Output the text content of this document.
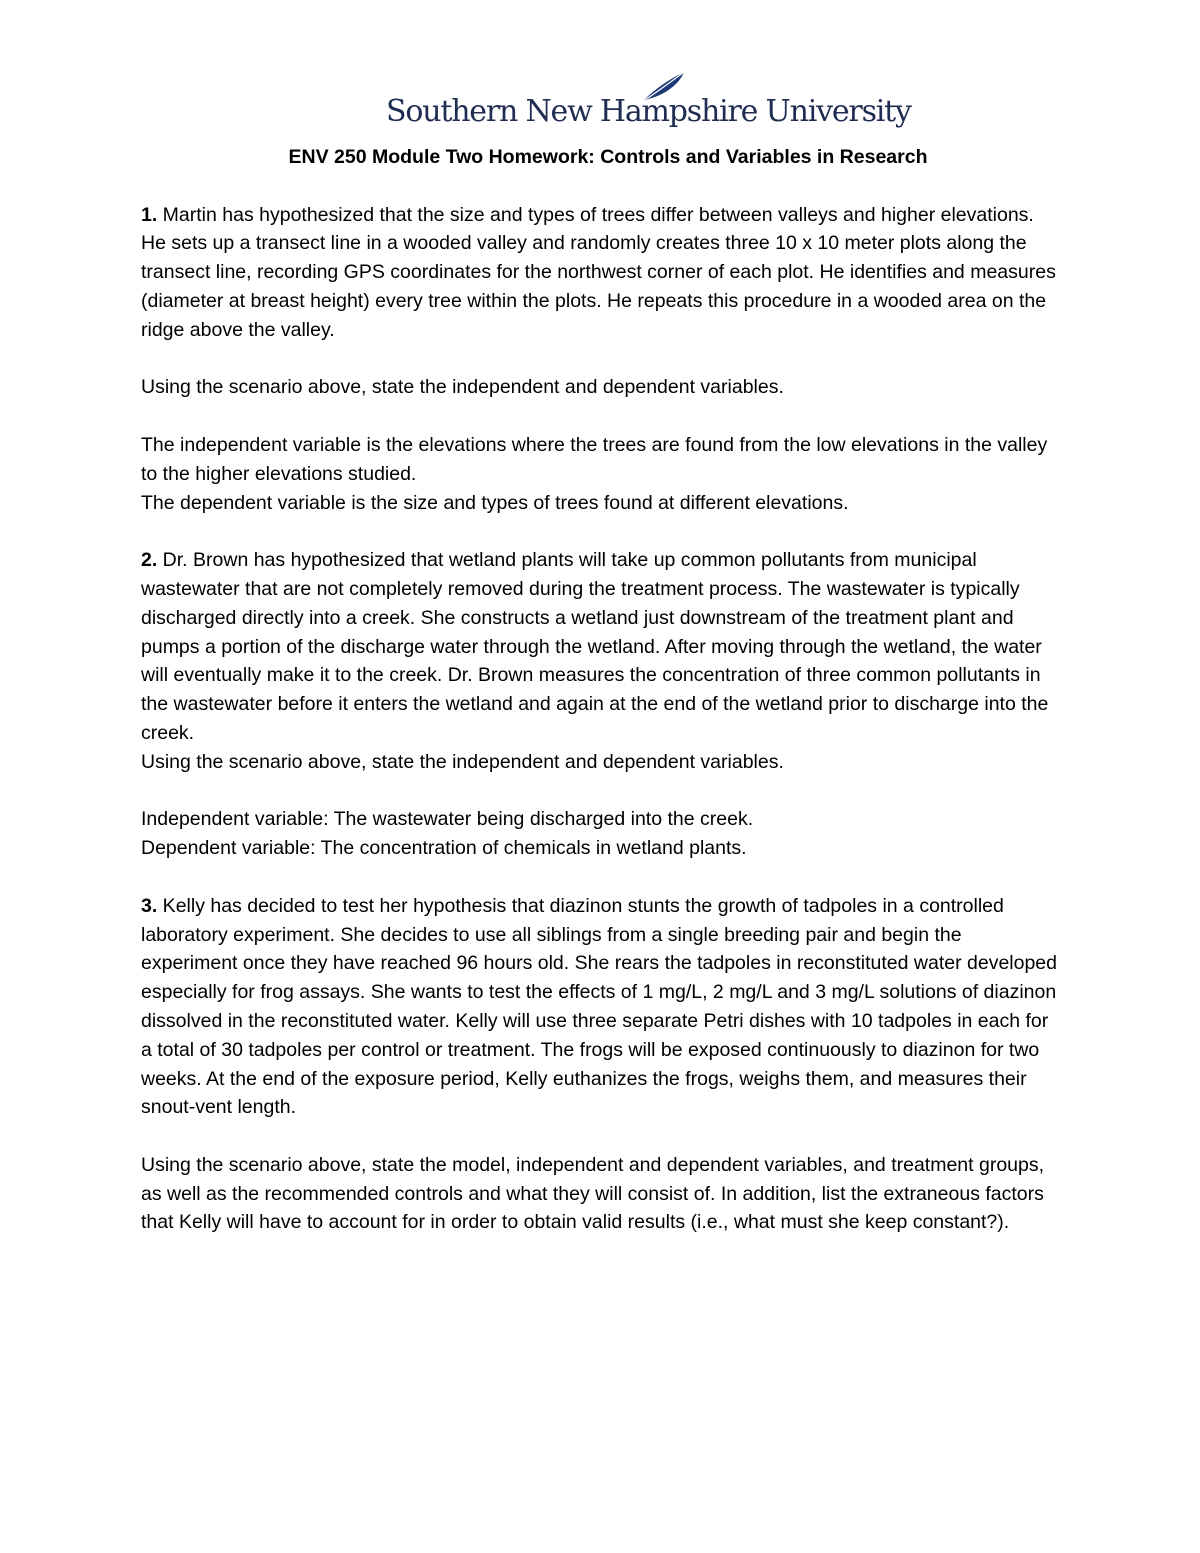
Southern New Hampshire University

ENV 250 Module Two Homework: Controls and Variables in Research

1. Martin has hypothesized that the size and types of trees differ between valleys and higher elevations. He sets up a transect line in a wooded valley and randomly creates three 10 x 10 meter plots along the transect line, recording GPS coordinates for the northwest corner of each plot. He identifies and measures (diameter at breast height) every tree within the plots. He repeats this procedure in a wooded area on the ridge above the valley.

Using the scenario above, state the independent and dependent variables.

The independent variable is the elevations where the trees are found from the low elevations in the valley to the higher elevations studied.

The dependent variable is the size and types of trees found at different elevations.

2. Dr. Brown has hypothesized that wetland plants will take up common pollutants from municipal wastewater that are not completely removed during the treatment process. The wastewater is typically discharged directly into a creek. She constructs a wetland just downstream of the treatment plant and pumps a portion of the discharge water through the wetland. After moving through the wetland, the water will eventually make it to the creek. Dr. Brown measures the concentration of three common pollutants in the wastewater before it enters the wetland and again at the end of the wetland prior to discharge into the creek.

Using the scenario above, state the independent and dependent variables.

Independent variable: The wastewater being discharged into the creek.

Dependent variable: The concentration of chemicals in wetland plants.

3. Kelly has decided to test her hypothesis that diazinon stunts the growth of tadpoles in a controlled laboratory experiment. She decides to use all siblings from a single breeding pair and begin the experiment once they have reached 96 hours old. She rears the tadpoles in reconstituted water developed especially for frog assays. She wants to test the effects of 1 mg/L, 2 mg/L and 3 mg/L solutions of diazinon dissolved in the reconstituted water. Kelly will use three separate Petri dishes with 10 tadpoles in each for a total of 30 tadpoles per control or treatment. The frogs will be exposed continuously to diazinon for two weeks. At the end of the exposure period, Kelly euthanizes the frogs, weighs them, and measures their snout-vent length.

Using the scenario above, state the model, independent and dependent variables, and treatment groups, as well as the recommended controls and what they will consist of. In addition, list the extraneous factors that Kelly will have to account for in order to obtain valid results (i.e., what must she keep constant?).
